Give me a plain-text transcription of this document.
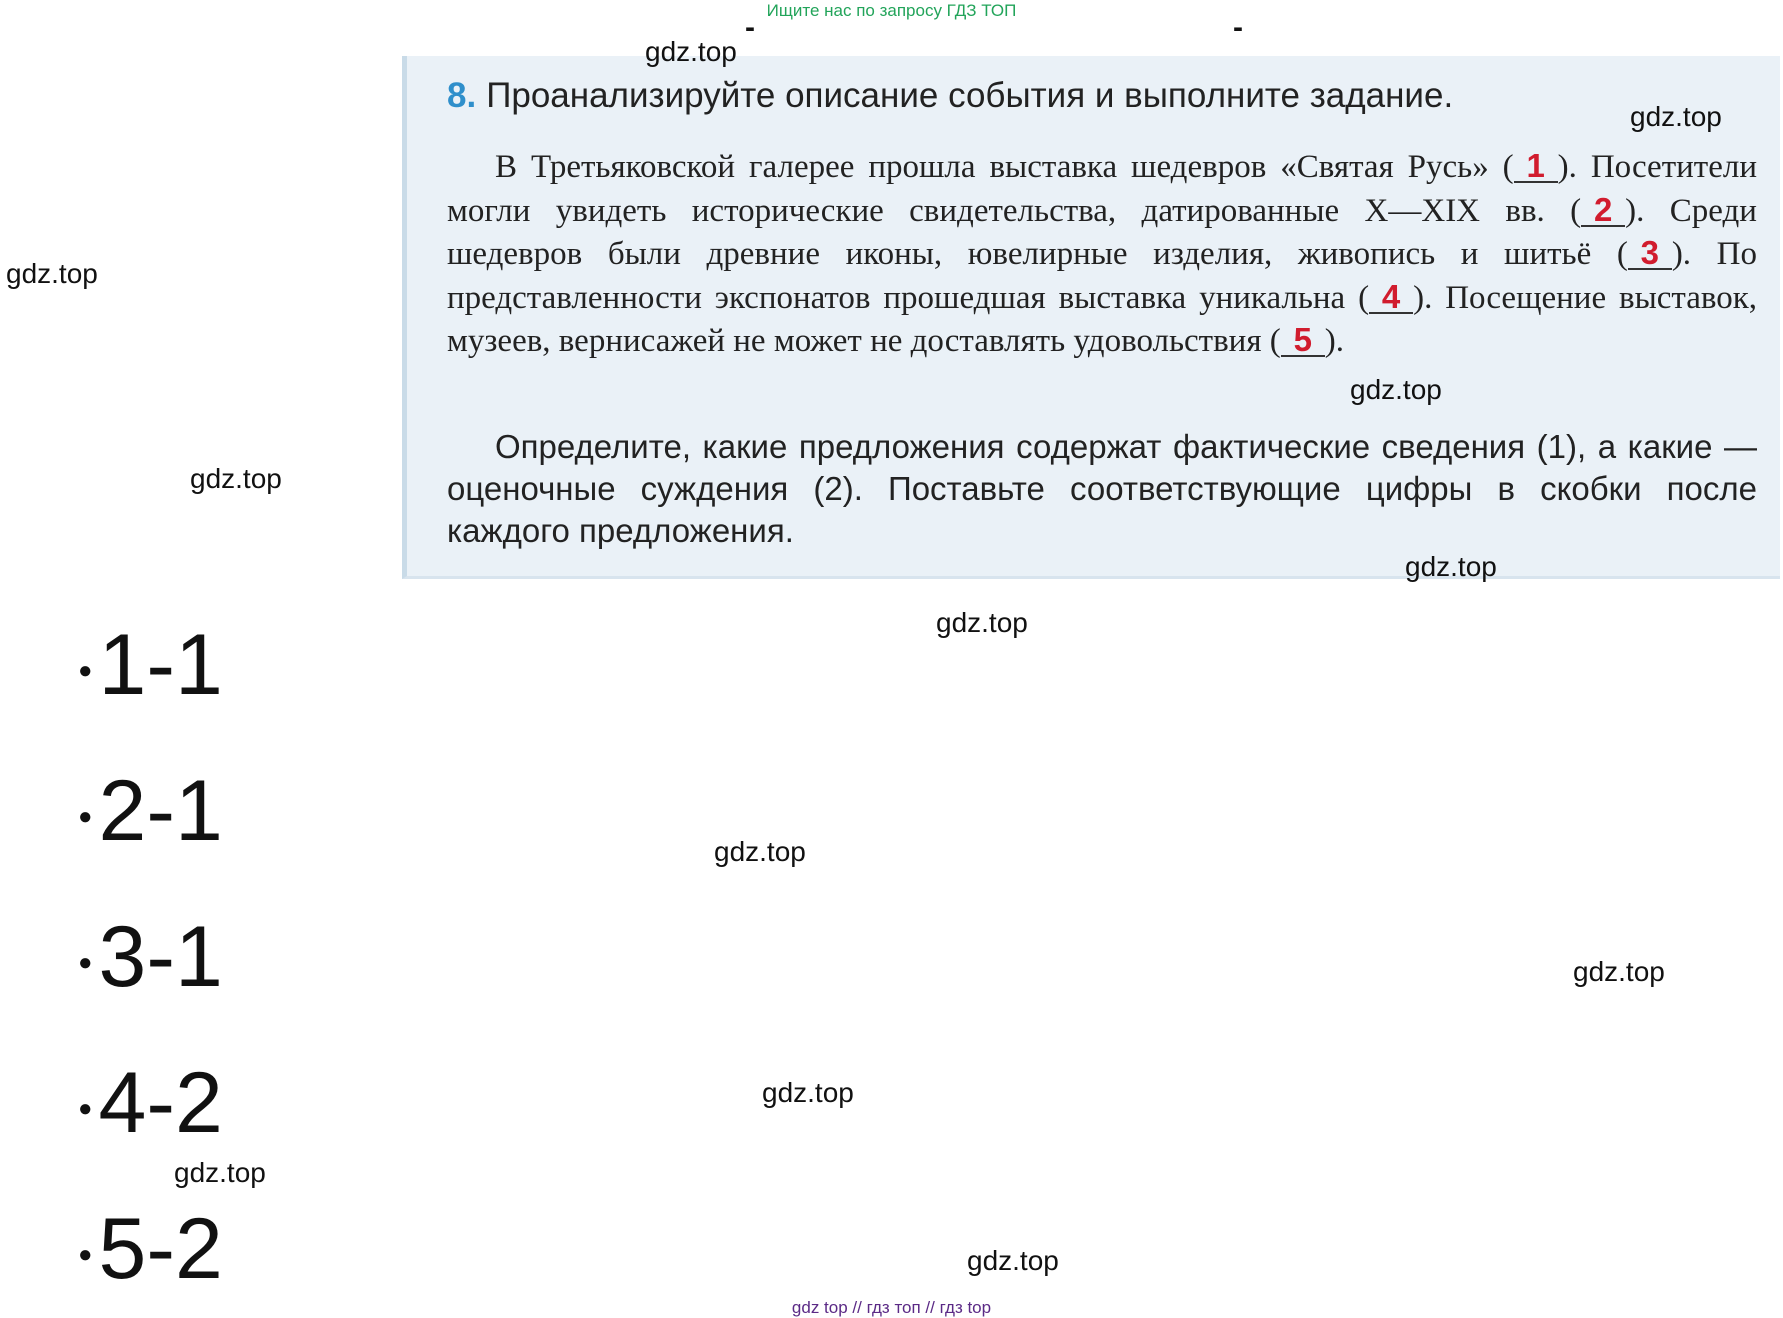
Ищите нас по запросу ГДЗ ТОП
-	-
8. Проанализируйте описание события и выполните задание.
В Третьяковской галерее прошла выставка шедевров «Святая Русь» ( 1 ). Посетители могли увидеть исторические свидетельства, датированные X—XIX вв. ( 2 ). Среди шедевров были древние иконы, ювелирные изделия, живопись и шитьё ( 3 ). По представленности экспонатов прошедшая выставка уникальна ( 4 ). Посещение выставок, музеев, вернисажей не может не доставлять удовольствия ( 5 ).
Определите, какие предложения содержат фактические сведения (1), а какие — оценочные суждения (2). Поставьте соответствующие цифры в скобки после каждого предложения.
●1-1
●2-1
●3-1
●4-2
●5-2
gdz.top
gdz.top
gdz.top
gdz.top
gdz.top
gdz.top
gdz.top
gdz.top
gdz.top
gdz.top
gdz.top
gdz.top
gdz top // гдз топ // гдз top
